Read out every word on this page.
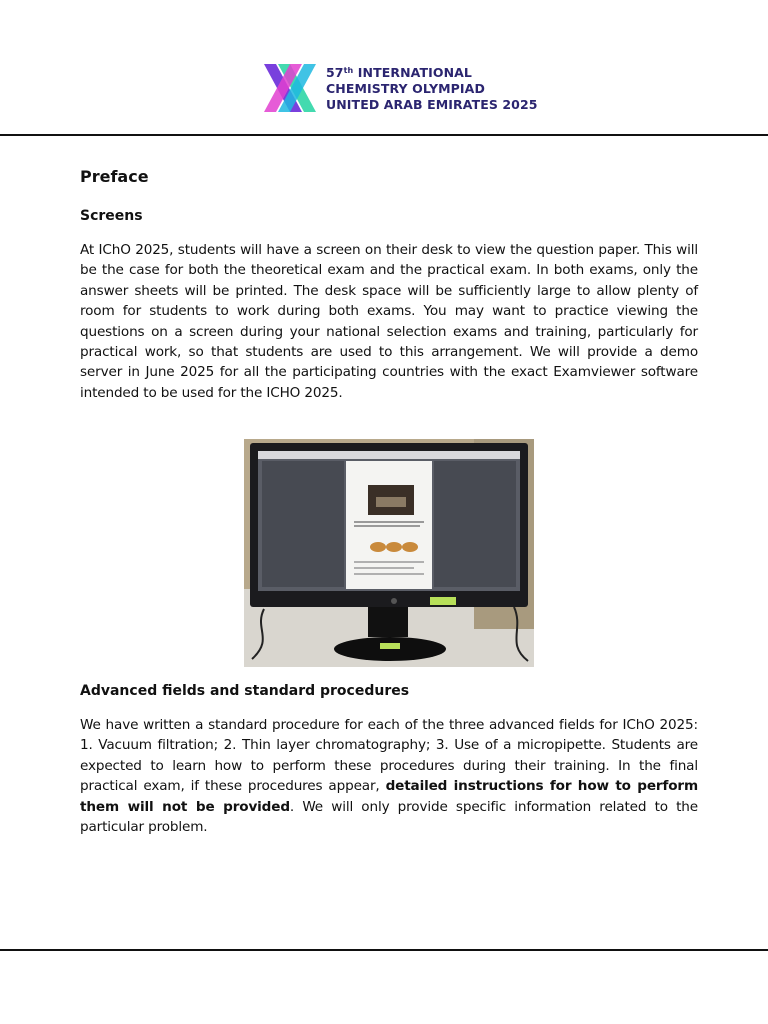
57th INTERNATIONAL
CHEMISTRY OLYMPIAD
UNITED ARAB EMIRATES 2025
Preface
Screens

At IChO 2025, students will have a screen on their desk to view the question paper. This will be the case for both the theoretical exam and the practical exam. In both exams, only the answer sheets will be printed. The desk space will be sufficiently large to allow plenty of room for students to work during both exams. You may want to practice viewing the questions on a screen during your national selection exams and training, particularly for practical work, so that students are used to this arrangement. We will provide a demo server in June 2025 for all the participating countries with the exact Examviewer software intended to be used for the ICHO 2025.

Advanced fields and standard procedures

We have written a standard procedure for each of the three advanced fields for IChO 2025: 1. Vacuum filtration; 2. Thin layer chromatography; 3. Use of a micropipette. Students are expected to learn how to perform these procedures during their training. In the final practical exam, if these procedures appear, detailed instructions for how to perform them will not be provided. We will only provide specific information related to the particular problem.
